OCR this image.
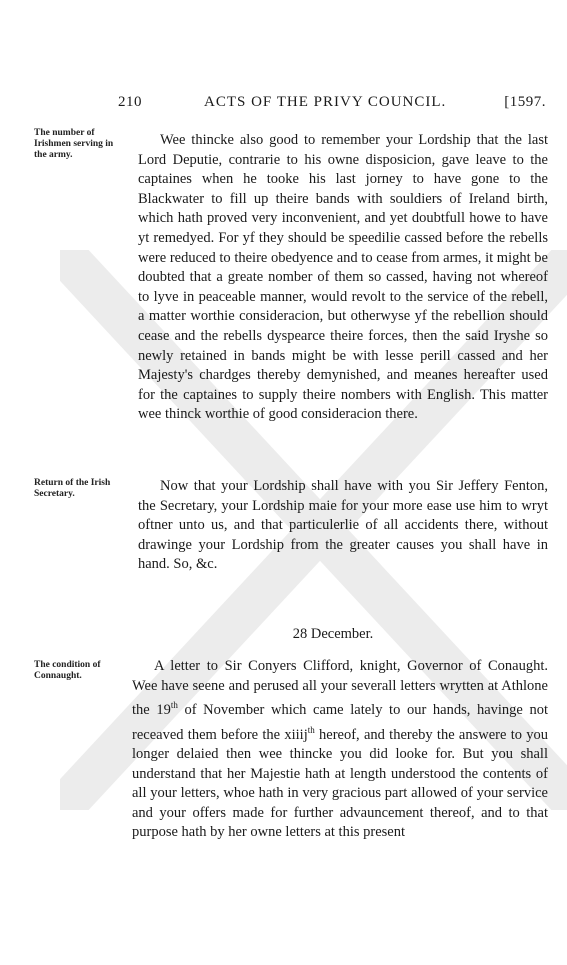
210	ACTS OF THE PRIVY COUNCIL.	[1597.
The number of Irishmen serving in the army.

Wee thincke also good to remember your Lordship that the last Lord Deputie, contrarie to his owne disposicion, gave leave to the captaines when he tooke his last jorney to have gone to the Blackwater to fill up theire bands with souldiers of Ireland birth, which hath proved very inconvenient, and yet doubtfull howe to have yt remedyed. For yf they should be speedilie cassed before the rebells were reduced to theire obedyence and to cease from armes, it might be doubted that a greate nomber of them so cassed, having not whereof to lyve in peaceable manner, would revolt to the service of the rebell, a matter worthie consideracion, but otherwyse yf the rebellion should cease and the rebells dyspearce theire forces, then the said Iryshe so newly retained in bands might be with lesse perill cassed and her Majesty's chardges thereby demynished, and meanes hereafter used for the captaines to supply theire nombers with English. This matter wee thinck worthie of good consideracion there.

Return of the Irish Secretary.	Now that your Lordship shall have with you Sir Jeffery Fenton, the Secretary, your Lordship maie for your more ease use him to wryt oftner unto us, and that particulerlie of all accidents there, without drawinge your Lordship from the greater causes you shall have in hand. So, &c.

28 December.
The condition of Connaught.

A letter to Sir Conyers Clifford, knight, Governor of Conaught. Wee have seene and perused all your severall letters wrytten at Athlone the 19th of November which came lately to our hands, havinge not receaved them before the xiiij$^{th}$ hereof, and thereby the answere to you longer delaied then wee thincke you did looke for. But you shall understand that her Majestie hath at length understood the contents of all your letters, whoe hath in very gracious part allowed of your service and your offers made for further advauncement thereof, and to that purpose hath by her owne letters at this present
